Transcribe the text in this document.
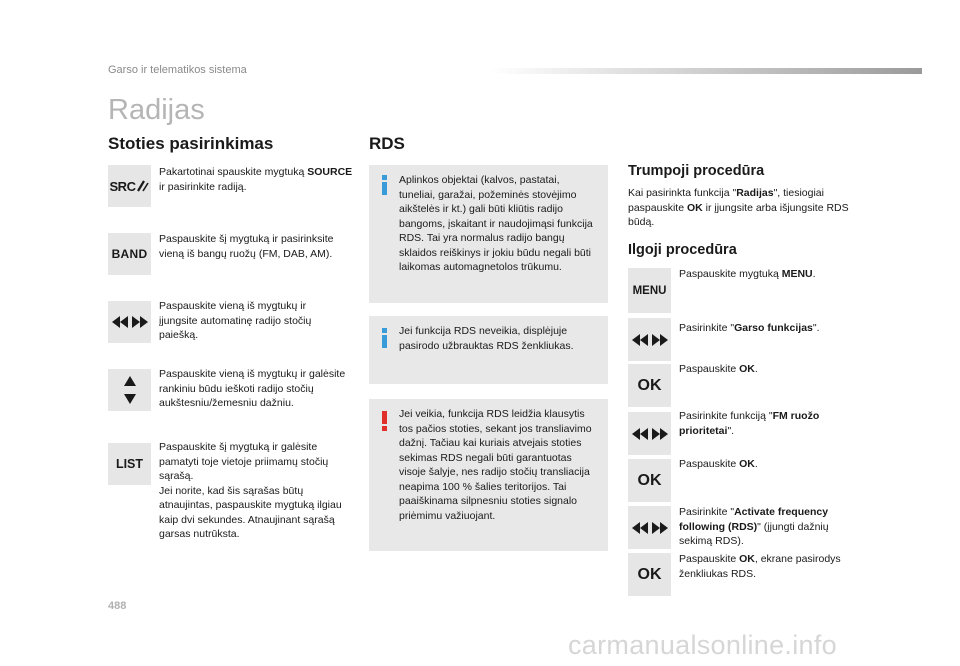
Garso ir telematikos sistema
Radijas
Stoties pasirinkimas
SRC
Pakartotinai spauskite mygtuką SOURCE ir pasirinkite radiją.
BAND
Paspauskite šį mygtuką ir pasirinksite vieną iš bangų ruožų (FM, DAB, AM).
Paspauskite vieną iš mygtukų ir įjungsite automatinę radijo stočių paiešką.
Paspauskite vieną iš mygtukų ir galėsite rankiniu būdu ieškoti radijo stočių aukštesniu/žemesniu dažniu.
LIST
Paspauskite šį mygtuką ir galėsite pamatyti toje vietoje priimamų stočių sąrašą.
Jei norite, kad šis sąrašas būtų atnaujintas, paspauskite mygtuką ilgiau kaip dvi sekundes. Atnaujinant sąrašą garsas nutrūksta.
RDS
Aplinkos objektai (kalvos, pastatai, tuneliai, garažai, požeminės stovėjimo aikštelės ir kt.) gali būti kliūtis radijo bangoms, įskaitant ir naudojimąsi funkcija RDS. Tai yra normalus radijo bangų sklaidos reiškinys ir jokiu būdu negali būti laikomas automagnetolos trūkumu.
Jei funkcija RDS neveikia, displėjuje pasirodo užbrauktas RDS ženkliukas.
Jei veikia, funkcija RDS leidžia klausytis tos pačios stoties, sekant jos transliavimo dažnį. Tačiau kai kuriais atvejais stoties sekimas RDS negali būti garantuotas visoje šalyje, nes radijo stočių transliacija neapima 100 % šalies teritorijos. Tai paaiškinama silpnesniu stoties signalo priėmimu važiuojant.
Trumpoji procedūra
Kai pasirinkta funkcija "Radijas", tiesiogiai paspauskite OK ir įjungsite arba išjungsite RDS būdą.
Ilgoji procedūra
MENU
Paspauskite mygtuką MENU.
Pasirinkite "Garso funkcijas".
OK
Paspauskite OK.
Pasirinkite funkciją "FM ruožo prioritetai".
OK
Paspauskite OK.
Pasirinkite "Activate frequency following (RDS)" (įjungti dažnių sekimą RDS).
OK
Paspauskite OK, ekrane pasirodys ženkliukas RDS.
488
carmanualsonline.info
